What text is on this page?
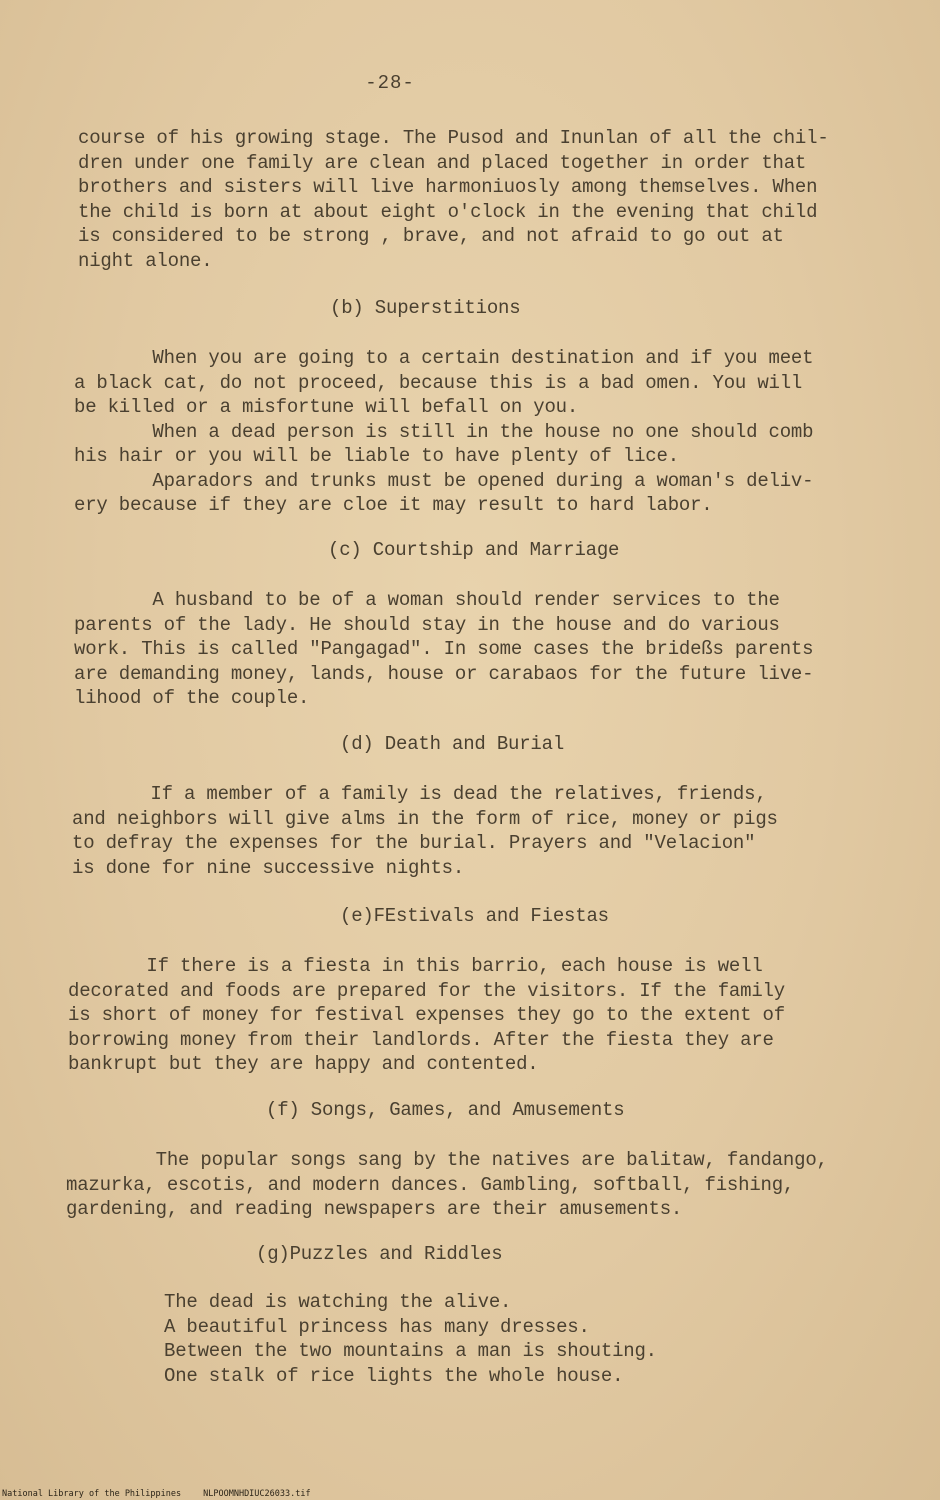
-28-

course of his growing stage. The Pusod and Inunlan of all the chil-
dren under one family are clean and placed together in order that
brothers and sisters will live harmoniuosly among themselves. When
the child is born at about eight o'clock in the evening that child
is considered to be strong , brave, and not afraid to go out at
night alone.

(b) Superstitions

When you are going to a certain destination and if you meet
a black cat, do not proceed, because this is a bad omen. You will
be killed or a misfortune will befall on you.
When a dead person is still in the house no one should comb
his hair or you will be liable to have plenty of lice.
Aparadors and trunks must be opened during a woman's deliv-
ery because if they are cloe it may result to hard labor.

(c) Courtship and Marriage

A husband to be of a woman should render services to the
parents of the lady. He should stay in the house and do various
work. This is called "Pangagad". In some cases the brideßs parents
are demanding money, lands, house or carabaos for the future live-
lihood of the couple.

(d) Death and Burial

If a member of a family is dead the relatives, friends,
and neighbors will give alms in the form of rice, money or pigs
to defray the expenses for the burial. Prayers and "Velacion"
is done for nine successive nights.

(e)FEstivals and Fiestas

If there is a fiesta in this barrio, each house is well
decorated and foods are prepared for the visitors. If the family
is short of money for festival expenses they go to the extent of
borrowing money from their landlords. After the fiesta they are
bankrupt but they are happy and contented.

(f) Songs, Games, and Amusements

The popular songs sang by the natives are balitaw, fandango,
mazurka, escotis, and modern dances. Gambling, softball, fishing,
gardening, and reading newspapers are their amusements.

(g)Puzzles and Riddles

The dead is watching the alive.
A beautiful princess has many dresses.
Between the two mountains a man is shouting.
One stalk of rice lights the whole house.

National Library of the Philippines	NLPOOMNHDIUC26033.tif
